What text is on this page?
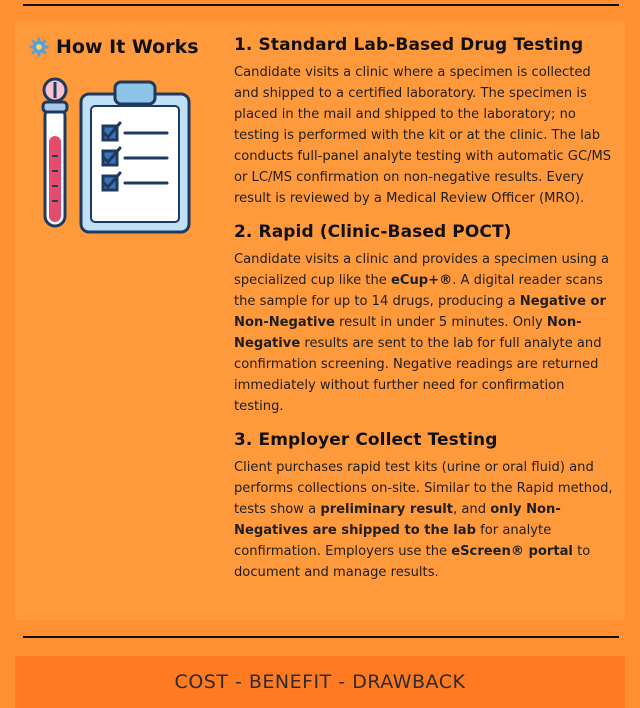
How It Works 1. Standard Lab-Based Drug Testing

Candidate visits a clinic where a specimen is collected and shipped to a certified laboratory. The specimen is placed in the mail and shipped to the laboratory; no testing is performed with the kit or at the clinic. The lab conducts full-panel analyte testing with automatic GC/MS or LC/MS confirmation on non-negative results. Every result is reviewed by a Medical Review Officer (MRO).

2. Rapid (Clinic-Based POCT)

Candidate visits a clinic and provides a specimen using a specialized cup like the eCup+®. A digital reader scans the sample for up to 14 drugs, producing a Negative or Non-Negative result in under 5 minutes. Only Non-Negative results are sent to the lab for full analyte and confirmation screening. Negative readings are returned immediately without further need for confirmation testing.

3. Employer Collect Testing

Client purchases rapid test kits (urine or oral fluid) and performs collections on-site. Similar to the Rapid method, tests show a preliminary result, and only Non-Negatives are shipped to the lab for analyte confirmation. Employers use the eScreen® portal to document and manage results.

COST - BENEFIT - DRAWBACK
